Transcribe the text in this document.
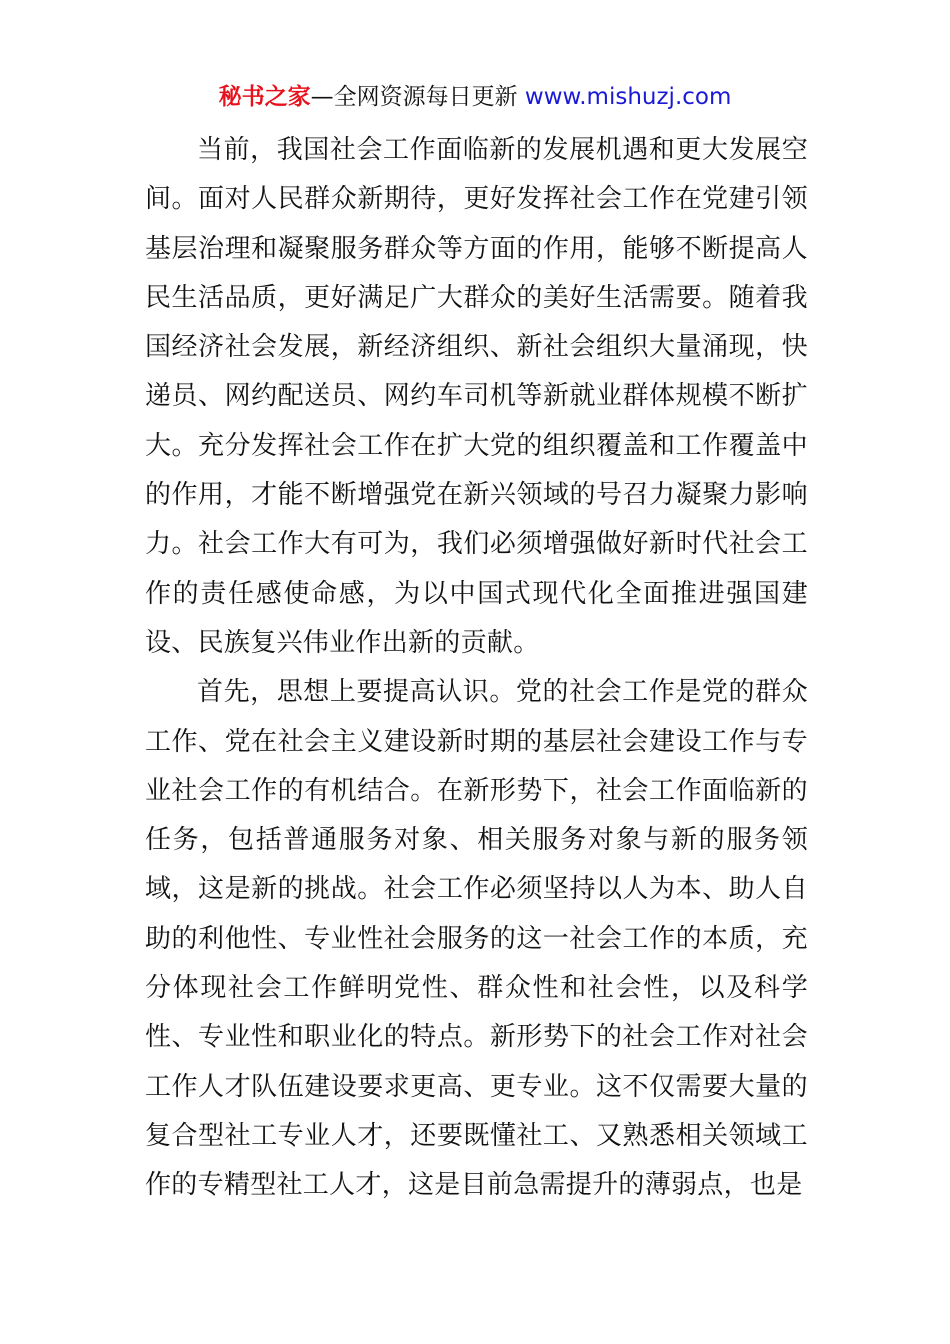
秘书之家—全网资源每日更新 www.mishuzj.com

当前，我国社会工作面临新的发展机遇和更大发展空间。面对人民群众新期待，更好发挥社会工作在党建引领基层治理和凝聚服务群众等方面的作用，能够不断提高人民生活品质，更好满足广大群众的美好生活需要。随着我国经济社会发展，新经济组织、新社会组织大量涌现，快递员、网约配送员、网约车司机等新就业群体规模不断扩大。充分发挥社会工作在扩大党的组织覆盖和工作覆盖中的作用，才能不断增强党在新兴领域的号召力凝聚力影响力。社会工作大有可为，我们必须增强做好新时代社会工作的责任感使命感，为以中国式现代化全面推进强国建设、民族复兴伟业作出新的贡献。

首先，思想上要提高认识。党的社会工作是党的群众工作、党在社会主义建设新时期的基层社会建设工作与专业社会工作的有机结合。在新形势下，社会工作面临新的任务，包括普通服务对象、相关服务对象与新的服务领域，这是新的挑战。社会工作必须坚持以人为本、助人自助的利他性、专业性社会服务的这一社会工作的本质，充分体现社会工作鲜明党性、群众性和社会性，以及科学性、专业性和职业化的特点。新形势下的社会工作对社会工作人才队伍建设要求更高、更专业。这不仅需要大量的复合型社工专业人才，还要既懂社工、又熟悉相关领域工作的专精型社工人才，这是目前急需提升的薄弱点，也是
